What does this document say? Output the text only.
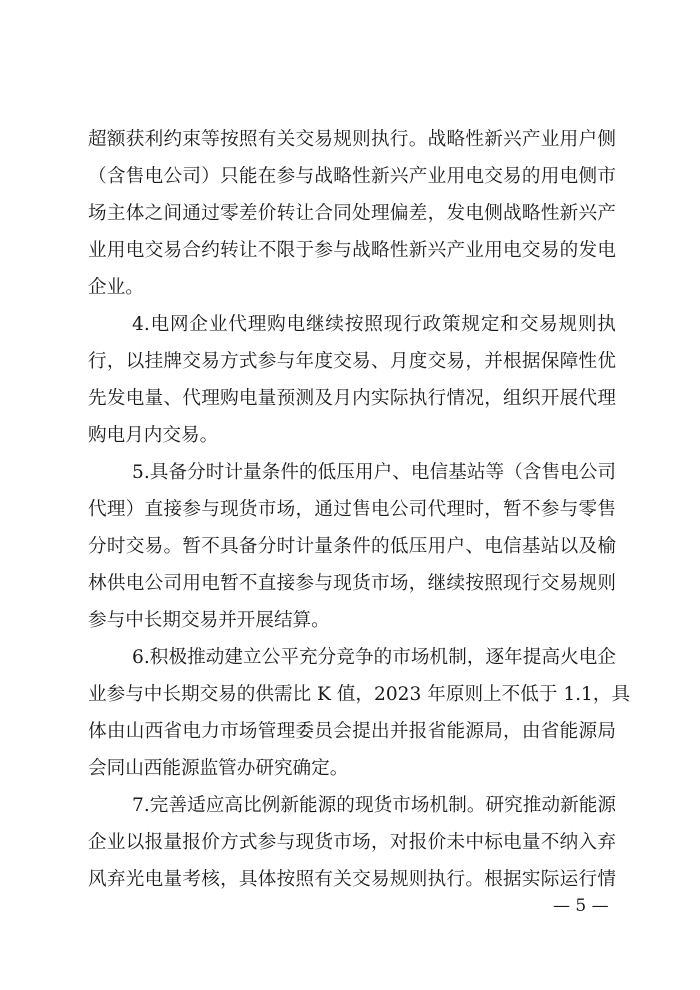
超额获利约束等按照有关交易规则执行。战略性新兴产业用户侧
（含售电公司）只能在参与战略性新兴产业用电交易的用电侧市
场主体之间通过零差价转让合同处理偏差，发电侧战略性新兴产
业用电交易合约转让不限于参与战略性新兴产业用电交易的发电
企业。
4.电网企业代理购电继续按照现行政策规定和交易规则执
行，以挂牌交易方式参与年度交易、月度交易，并根据保障性优
先发电量、代理购电量预测及月内实际执行情况，组织开展代理
购电月内交易。
5.具备分时计量条件的低压用户、电信基站等（含售电公司
代理）直接参与现货市场，通过售电公司代理时，暂不参与零售
分时交易。暂不具备分时计量条件的低压用户、电信基站以及榆
林供电公司用电暂不直接参与现货市场，继续按照现行交易规则
参与中长期交易并开展结算。
6.积极推动建立公平充分竞争的市场机制，逐年提高火电企
业参与中长期交易的供需比 K 值，2023 年原则上不低于 1.1，具
体由山西省电力市场管理委员会提出并报省能源局，由省能源局
会同山西能源监管办研究确定。
7.完善适应高比例新能源的现货市场机制。研究推动新能源
企业以报量报价方式参与现货市场，对报价未中标电量不纳入弃
风弃光电量考核，具体按照有关交易规则执行。根据实际运行情
— 5 —
